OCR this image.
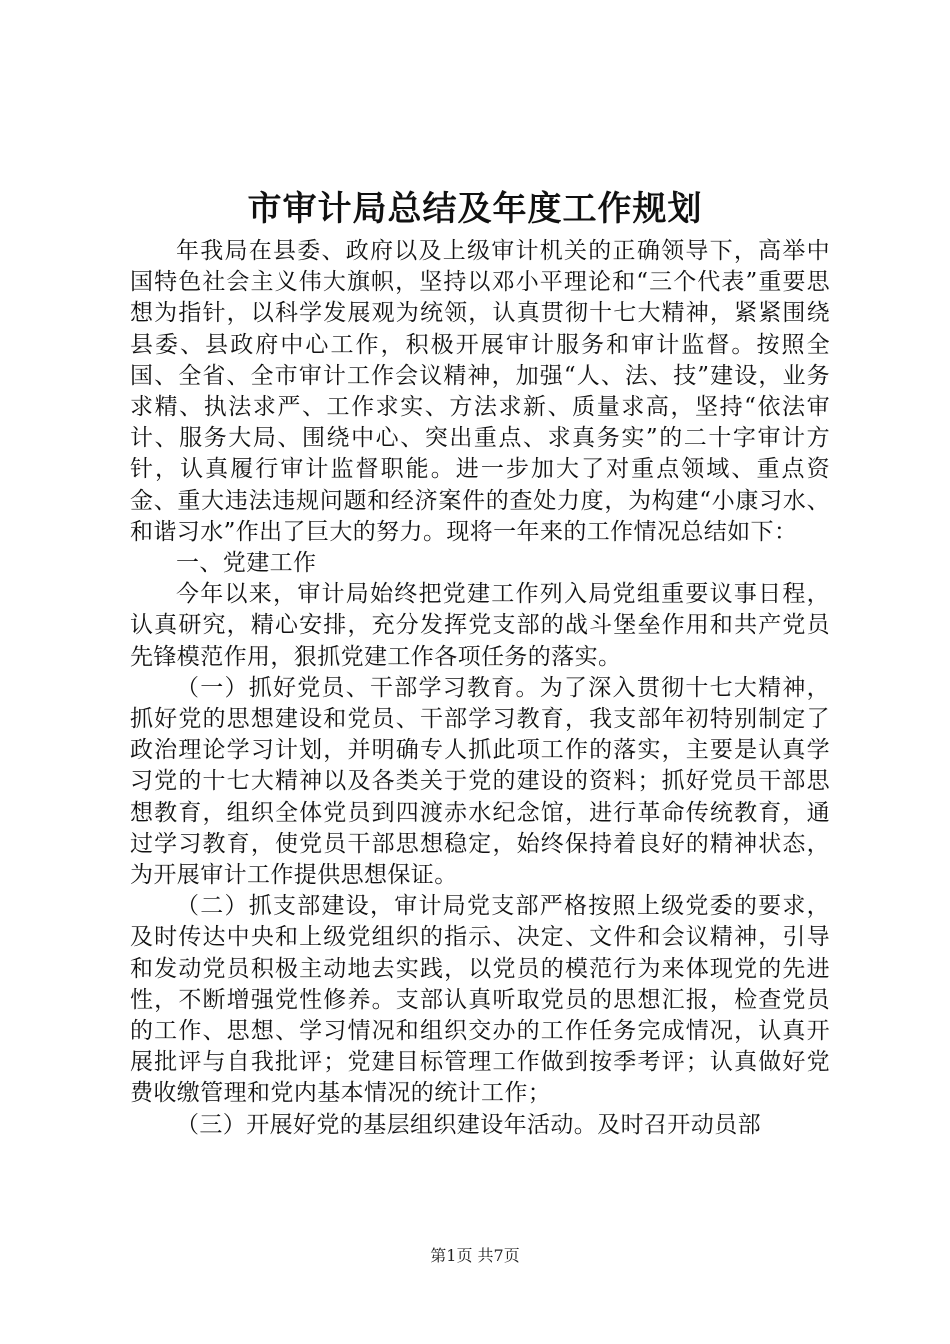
市审计局总结及年度工作规划

年我局在县委、政府以及上级审计机关的正确领导下，高举中国特色社会主义伟大旗帜，坚持以邓小平理论和“三个代表”重要思想为指针，以科学发展观为统领，认真贯彻十七大精神，紧紧围绕县委、县政府中心工作，积极开展审计服务和审计监督。按照全国、全省、全市审计工作会议精神，加强“人、法、技”建设，业务求精、执法求严、工作求实、方法求新、质量求高，坚持“依法审计、服务大局、围绕中心、突出重点、求真务实”的二十字审计方针，认真履行审计监督职能。进一步加大了对重点领域、重点资金、重大违法违规问题和经济案件的查处力度，为构建“小康习水、和谐习水”作出了巨大的努力。现将一年来的工作情况总结如下：

一、党建工作

今年以来，审计局始终把党建工作列入局党组重要议事日程，认真研究，精心安排，充分发挥党支部的战斗堡垒作用和共产党员先锋模范作用，狠抓党建工作各项任务的落实。

（一）抓好党员、干部学习教育。为了深入贯彻十七大精神，抓好党的思想建设和党员、干部学习教育，我支部年初特别制定了政治理论学习计划，并明确专人抓此项工作的落实，主要是认真学习党的十七大精神以及各类关于党的建设的资料；抓好党员干部思想教育，组织全体党员到四渡赤水纪念馆，进行革命传统教育，通过学习教育，使党员干部思想稳定，始终保持着良好的精神状态，为开展审计工作提供思想保证。

（二）抓支部建设，审计局党支部严格按照上级党委的要求，及时传达中央和上级党组织的指示、决定、文件和会议精神，引导和发动党员积极主动地去实践，以党员的模范行为来体现党的先进性，不断增强党性修养。支部认真听取党员的思想汇报，检查党员的工作、思想、学习情况和组织交办的工作任务完成情况，认真开展批评与自我批评；党建目标管理工作做到按季考评；认真做好党费收缴管理和党内基本情况的统计工作；

（三）开展好党的基层组织建设年活动。及时召开动员部

第1页 共7页
